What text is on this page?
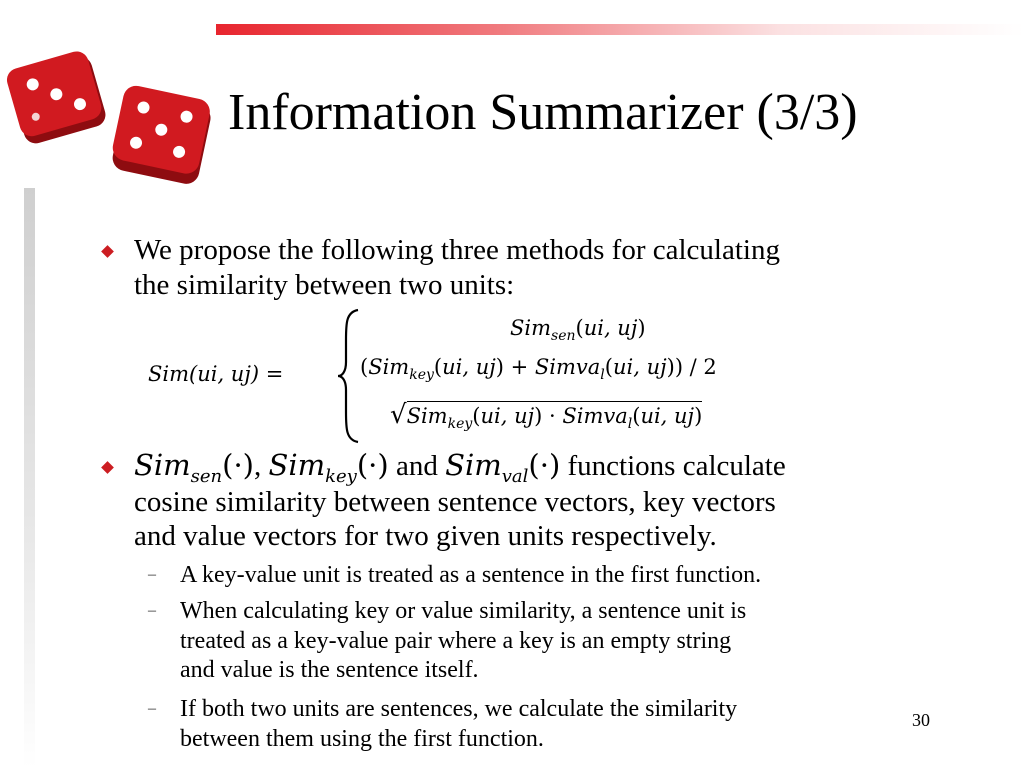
Information Summarizer (3/3)
We propose the following three methods for calculating
the similarity between two units:
Sim(ui, uj) =
Sim$_{sen}$(ui, uj)
(Sim$_{key}$(ui, uj) + Simva$_l$(ui, uj)) / 2
√Sim$_{key}$(ui, uj) · Simva$_l$(ui, uj)
Sim$_{sen}$(·), Sim$_{key}$(·) and Sim$_{val}$(·) functions calculate
cosine similarity between sentence vectors, key vectors
and value vectors for two given units respectively.
– A key-value unit is treated as a sentence in the first function.
– When calculating key or value similarity, a sentence unit is
treated as a key-value pair where a key is an empty string
and value is the sentence itself.
– If both two units are sentences, we calculate the similarity
between them using the first function.
30
